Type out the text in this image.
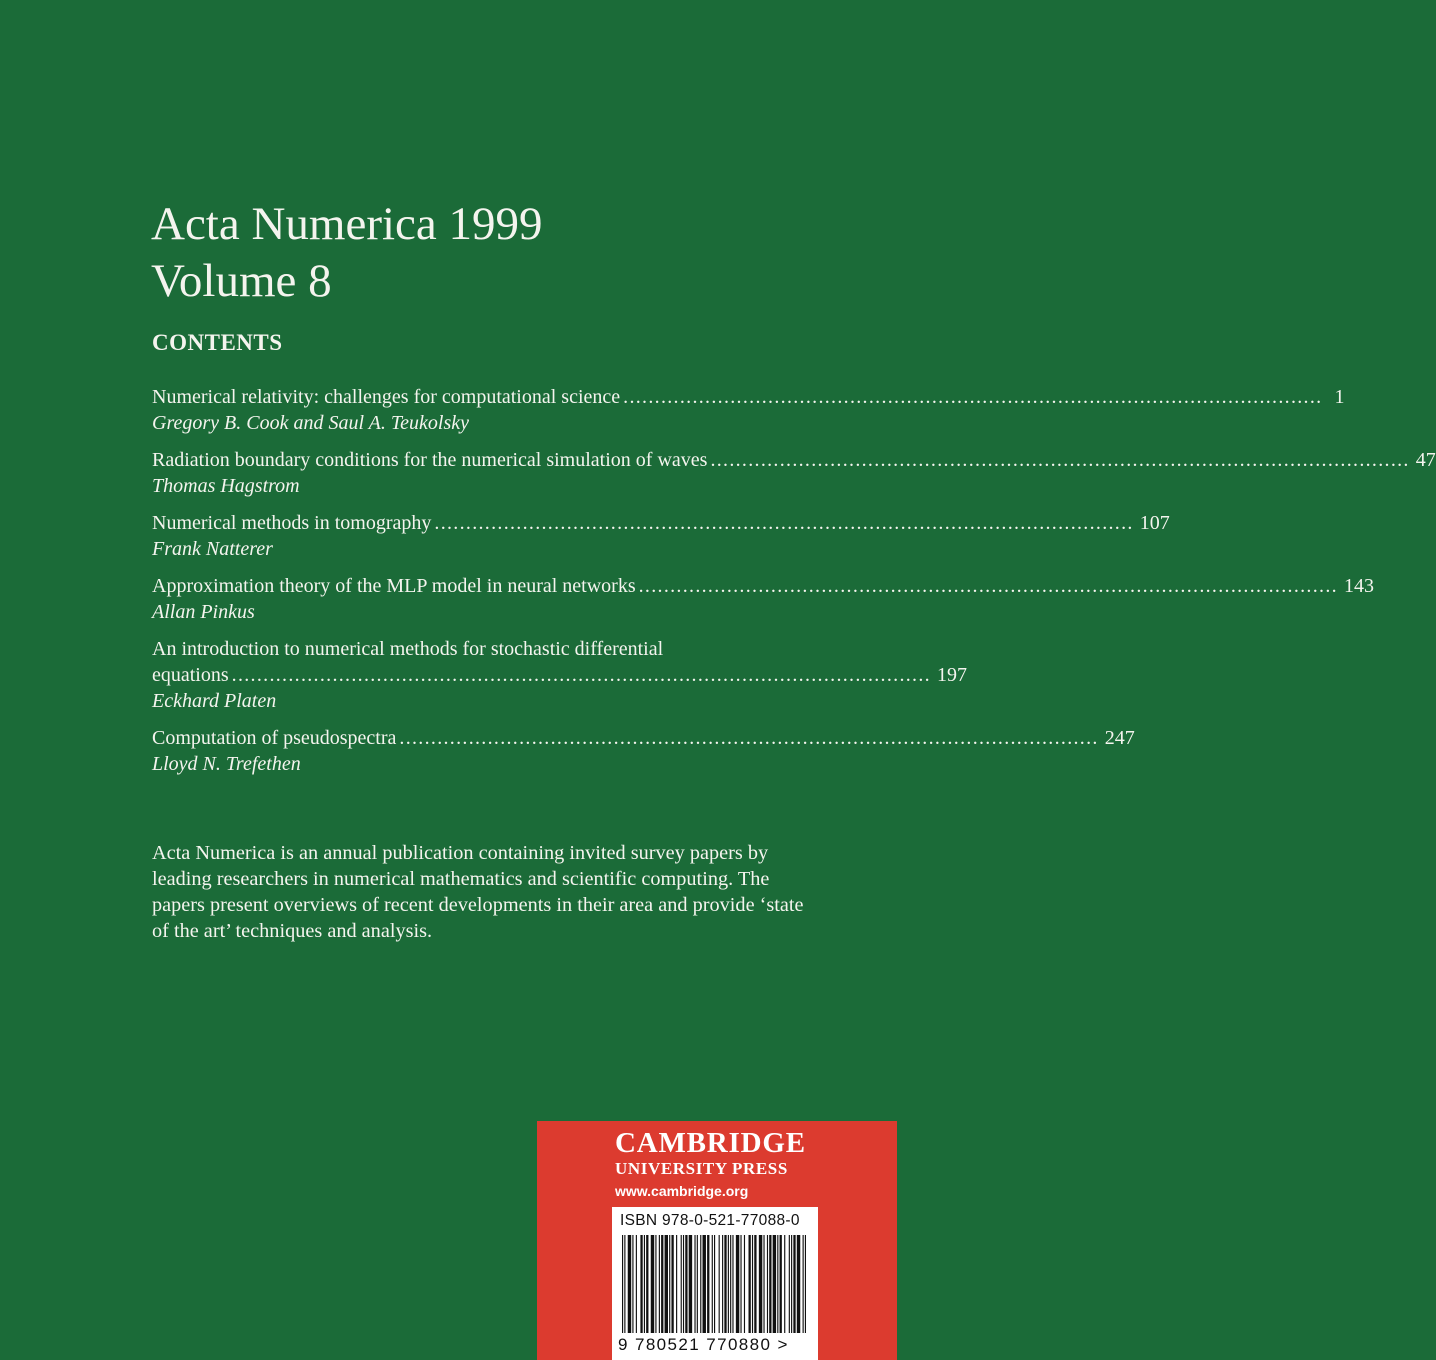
Acta Numerica 1999
Volume 8
CONTENTS
Numerical relativity: challenges for computational science ............................................................................................................... 1
Gregory B. Cook and Saul A. Teukolsky
Radiation boundary conditions for the numerical simulation of waves ............................................................................................................... 47
Thomas Hagstrom
Numerical methods in tomography ............................................................................................................... 107
Frank Natterer
Approximation theory of the MLP model in neural networks ............................................................................................................... 143
Allan Pinkus
An introduction to numerical methods for stochastic differential
equations ............................................................................................................... 197
Eckhard Platen
Computation of pseudospectra ............................................................................................................... 247
Lloyd N. Trefethen

Acta Numerica is an annual publication containing invited survey papers by leading researchers in numerical mathematics and scientific computing. The papers present overviews of recent developments in their area and provide ‘state of the art’ techniques and analysis.

CAMBRIDGE
UNIVERSITY PRESS
www.cambridge.org
ISBN 978-0-521-77088-0
9 780521 770880 >
